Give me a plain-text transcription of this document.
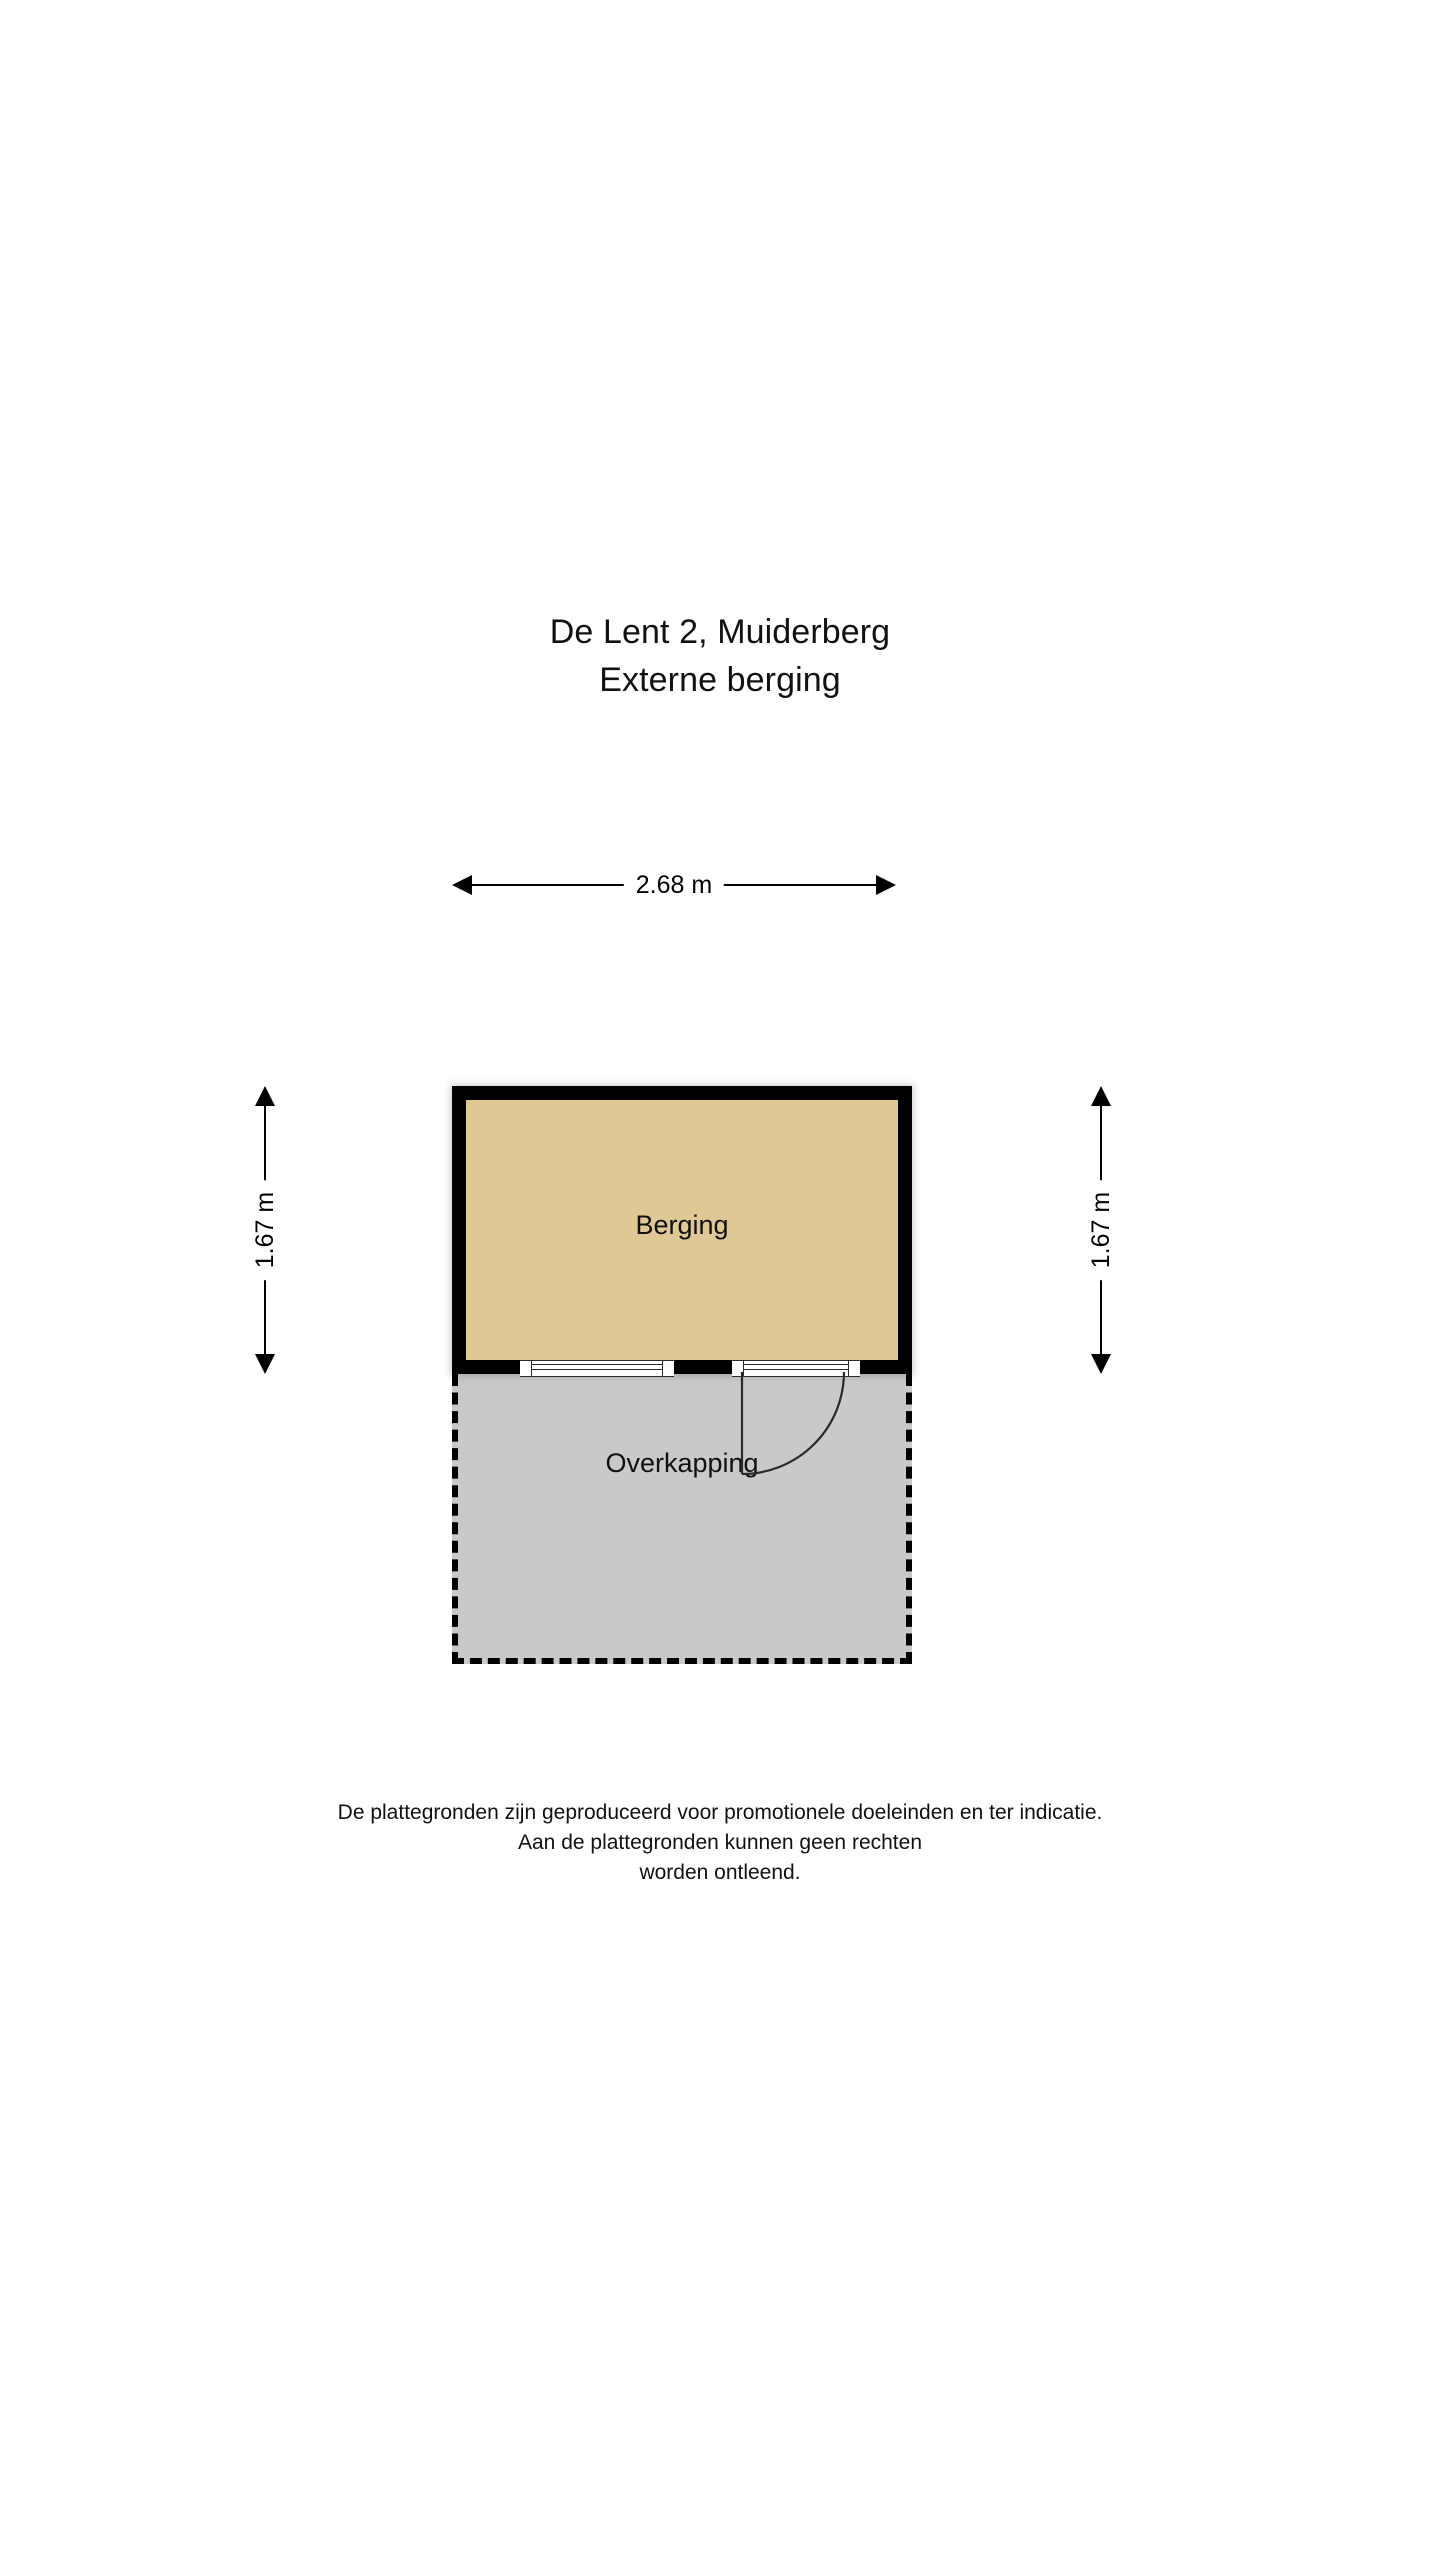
De Lent 2, Muiderberg
Externe berging
2.68 m
1.67 m	1.67 m
Overkapping
Berging
De plattegronden zijn geproduceerd voor promotionele doeleinden en ter indicatie.
Aan de plattegronden kunnen geen rechten
worden ontleend.
